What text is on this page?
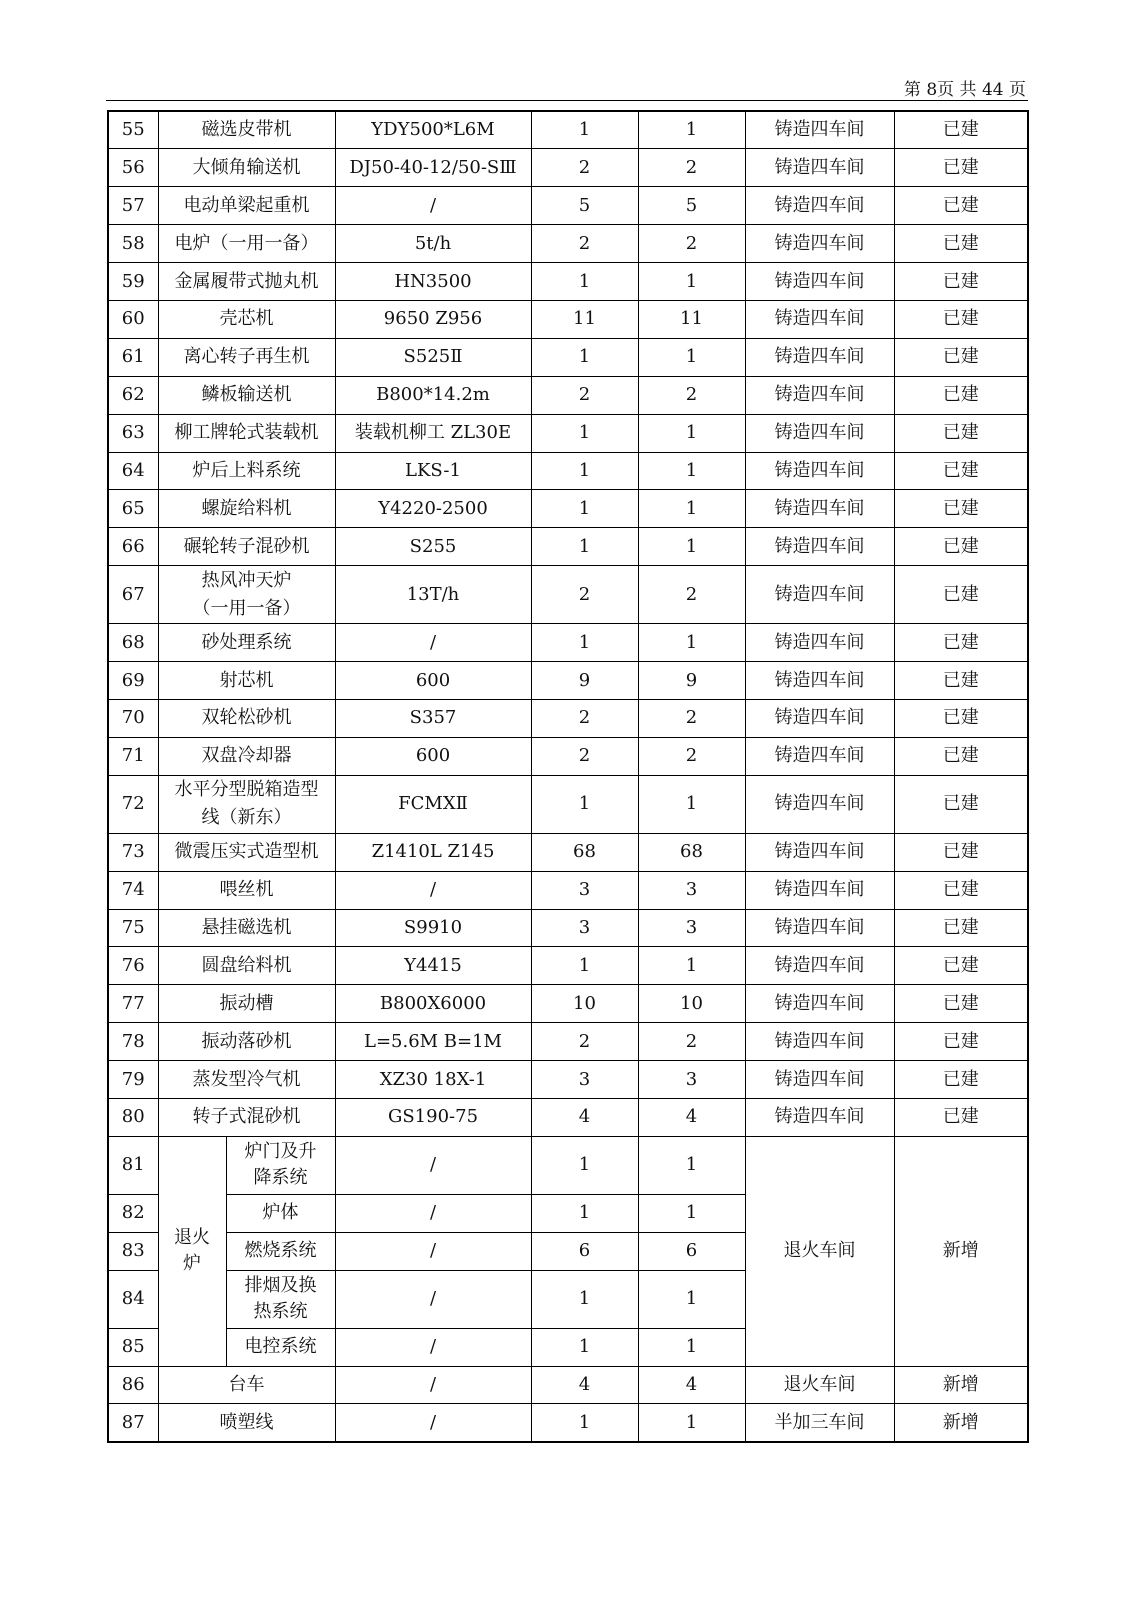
第 8页 共 44 页
55	磁选皮带机		YDY500*L6M	1	1	铸造四车间	已建
56	大倾角输送机		DJ50-40-12/50-SⅢ	2	2	铸造四车间	已建
57	电动单梁起重机		/	5	5	铸造四车间	已建
58	电炉（一用一备）		5t/h	2	2	铸造四车间	已建
59	金属履带式抛丸机		HN3500	1	1	铸造四车间	已建
60	壳芯机		9650 Z956	11	11	铸造四车间	已建
61	离心转子再生机		S525Ⅱ	1	1	铸造四车间	已建
62	鳞板输送机		B800*14.2m	2	2	铸造四车间	已建
63	柳工牌轮式装载机		装载机柳工 ZL30E	1	1	铸造四车间	已建
64	炉后上料系统		LKS-1	1	1	铸造四车间	已建
65	螺旋给料机		Y4220-2500	1	1	铸造四车间	已建
66	碾轮转子混砂机		S255	1	1	铸造四车间	已建
67	热风冲天炉
（一用一备）		13T/h	2	2	铸造四车间	已建
68	砂处理系统		/	1	1	铸造四车间	已建
69	射芯机		600	9	9	铸造四车间	已建
70	双轮松砂机		S357	2	2	铸造四车间	已建
71	双盘冷却器		600	2	2	铸造四车间	已建
72	水平分型脱箱造型
线（新东）		FCMXⅡ	1	1	铸造四车间	已建
73	微震压实式造型机		Z1410L Z145	68	68	铸造四车间	已建
74	喂丝机		/	3	3	铸造四车间	已建
75	悬挂磁选机		S9910	3	3	铸造四车间	已建
76	圆盘给料机		Y4415	1	1	铸造四车间	已建
77	振动槽		B800X6000	10	10	铸造四车间	已建
78	振动落砂机		L=5.6M B=1M	2	2	铸造四车间	已建
79	蒸发型冷气机		XZ30 18X-1	3	3	铸造四车间	已建
80	转子式混砂机		GS190-75	4	4	铸造四车间	已建
81	退火
炉	炉门及升
降系统	/	1	1	退火车间	新增
82		炉体	/	1	1		
83		燃烧系统	/	6	6		
84		排烟及换
热系统	/	1	1		
85		电控系统	/	1	1		
86	台车		/	4	4	退火车间	新增
87	喷塑线		/	1	1	半加三车间	新增
